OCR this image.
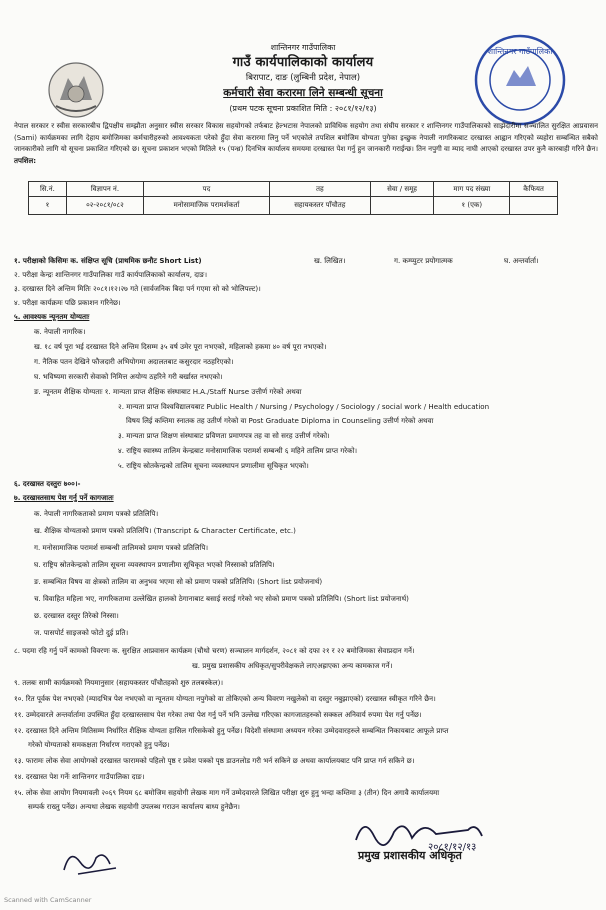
शान्तिनगर गाउँपालिका
शान्तिनगर गाउँपालिका
गाउँ कार्यपालिकाको कार्यालय
बिरापाट, दाङ (लुम्बिनी प्रदेश, नेपाल)
कर्मचारी सेवा करारमा लिने सम्बन्धी सूचना
(प्रथम पटक सूचना प्रकाशित मिति : २०८१/१२/१३)
नेपाल सरकार र स्वीस सरकारबीच द्विपक्षीय सम्झौता अनुसार स्वीस सरकार विकास सहयोगको तर्फबाट हेल्भटास नेपालको प्राविधिक सहयोग तथा संघीय सरकार र शान्तिनगर गाउँपालिकाको साझेदारीमा सञ्चालित सुरक्षित आप्रवासन (Sami) कार्यक्रमका लागि देहाय बमोजिमका कर्मचारीहरुको आवश्यकता परेको हुँदा सेवा करारमा लिनु पर्ने भएकोले तपशिल बमोजिम योग्यता पुगेका इच्छुक नेपाली नागरिकबाट दरखास्त आह्वान गरिएको व्यहोरा सम्बन्धित सबैको जानकारीको लागि यो सूचना प्रकाशित गरिएको छ। सूचना प्रकाशन भएको मितिले १५ (पन्ध्र) दिनभित्र कार्यालय समयमा दरखास्त पेश गर्नु हुन जानकारी गराईन्छ। तिन नपुगी वा म्याद नाघी आएको दरखास्त उपर कुनै कारबाही गरिने छैन। तपशिल:
सि.नं.	विज्ञापन नं.	पद	तह	सेवा / समूह	माग पद संख्या	कैफियत
१	०२-२०८१/०८२	मनोसामाजिक परामर्शकर्ता	सहायकस्तर पाँचौतह		१ (एक)	
१. परीक्षाको किसिमः क. संक्षिप्त सूचि (प्राथमिक छनौट Short List)	ख. लिखित।	ग. कम्प्युटर प्रयोगात्मक	घ. अन्तर्वार्ता।
२. परीक्षा केन्द्रः शान्तिनगर गाउँपालिका गाउँ कार्यपालिकाको कार्यालय, दाङ।
३. दरखास्त दिने अन्तिम मितिः २०८१।१२।२७ गते (सार्वजनिक बिदा पर्न गएमा सो को भोलिपल्ट)।
४. परीक्षा कार्यक्रमः पछि प्रकाशन गरिनेछ।
५. आवश्यक न्यूनतम योग्यताः
क. नेपाली नागरिक।
ख. १८ वर्ष पूरा भई दरखास्त दिने अन्तिम दिसम्म ३५ वर्ष उमेर पूरा नभएको, महिलाको हकमा ४० वर्ष पूरा नभएको।
ग. नैतिक पतन देखिने फौजदारी अभियोगमा अदालतबाट कसुरदार नठहरिएको।
घ. भविष्यमा सरकारी सेवाको निमित्त अयोग्य ठहरिने गरी बर्खास्त नभएको।
ङ. न्यूनतम शैक्षिक योग्यताः १. मान्यता प्राप्त शैक्षिक संस्थाबाट H.A./Staff Nurse उत्तीर्ण गरेको अथवा
२. मान्यता प्राप्त विश्वविद्यालयबाट Public Health / Nursing / Psychology / Sociology / social work / Health education
विषय लिई कम्तिमा स्नातक तह उतीर्ण गरेको वा Post Graduate Diploma in Counseling उत्तीर्ण गरेको अथवा
३. मान्यता प्राप्त शिक्षण संस्थाबाट प्रविणता प्रमाणपत्र तह वा सो सरह उत्तीर्ण गरेको।
४. राष्ट्रिय स्वास्थ्य तालिम केन्द्रबाट मनोसामाजिक परामर्श सम्बन्धी ६ महिने तालिम प्राप्त गरेको।
५. राष्ट्रिय स्रोतकेन्द्रको तालिम सूचना व्यवस्थापन प्रणालीमा सूचिकृत भएको।
६. दरखास्त दस्तुरः ७००।-
७. दरखास्तसाथ पेश गर्नु पर्ने कागजातः
क. नेपाली नागरिकताको प्रमाण पत्रको प्रतिलिपि।
ख. शैक्षिक योग्यताको प्रमाण पत्रको प्रतिलिपि। (Transcript & Character Certificate, etc.)
ग. मनोसामाजिक परामर्श सम्बन्धी तालिमको प्रमाण पत्रको प्रतिलिपि।
घ. राष्ट्रिय स्रोतकेन्द्रको तालिम सूचना व्यवस्थापन प्रणालीमा सूचिकृत भएको निस्साको प्रतिलिपि।
ङ. सम्बन्धित विषय वा क्षेत्रको तालिम वा अनुभव भएमा सो को प्रमाण पत्रको प्रतिलिपि। (Short list प्रयोजनार्थ)
च. विवाहित महिला भए, नागरिकतामा उल्लेखित हालको ठेगानाबाट बसाई सराई गरेको भए सोको प्रमाण पत्रको प्रतिलिपि। (Short list प्रयोजनार्थ)
छ. दरखास्त दस्तुर तिरेको निस्सा।
ज. पासपोर्ट साइजको फोटो दुई प्रति।
८. पदमा रहि गर्नु पर्ने कामको विवरणः क. सुरक्षित आप्रवासन कार्यक्रम (चौथो चरण) सञ्चालन मार्गदर्शन, २०८१ को दफा २१ र २२ बमोजिमका सेवाप्रदान गर्ने।
ख. प्रमुख प्रशासकीय अधिकृत/सुपरीवेक्षकले लाएअह्राएका अन्य कामकाज गर्ने।
९. तलबः सामी कार्यक्रमको नियमानुसार (सहायकस्तर पाँचौतहको शुरु तलबस्केल)।
१०. रित पूर्वक पेश नभएको (म्यादभित्र पेश नभएको वा न्यूनतम योग्यता नपुगेको वा तोकिएको अन्य विवरण नखुलेको वा दस्तुर नबुझाएको) दरखास्त स्वीकृत गरिने छैन।
११. उम्मेदवारले अन्तर्वार्तामा उपस्थित हुँदा दरखास्तसाथ पेश गरेका तथा पेश गर्नु पर्ने भनि उल्लेख गरिएका कागजातहरुको सक्कल अनिवार्य रुपमा पेश गर्नु पर्नेछ।
१२. दरखास्त दिने अन्तिम मितिसम्म निर्धारित शैक्षिक योग्यता हासिल गरिसकेको हुनु पर्नेछ। विदेशी संस्थामा अध्ययन गरेका उम्मेदवारहरुले सम्बन्धित निकायबाट आफूले प्राप्त
गरेको योग्यताको समकक्षता निर्धारण गराएको हुनु पर्नेछ।
१३. फारामः लोक सेवा आयोगको दरखास्त फारामको पहिलो पृष्ठ र प्रवेश पत्रको पृष्ठ डाउनलोड गरी भर्न सकिने छ अथवा कार्यालयबाट पनि प्राप्त गर्न सकिने छ।
१४. दरखास्त पेश गर्नेः शान्तिनगर गाउँपालिका दाङ।
१५. लोक सेवा आयोग नियमावली २०६९ नियम ६८ बमोजिम सहयोगी लेखक माग गर्ने उम्मेदवारले लिखित परीक्षा शुरु हुनु भन्दा कम्तिमा ३ (तीन) दिन अगावै कार्यालयमा
सम्पर्क राख्नु पर्नेछ। अन्यथा लेखक सहयोगी उपलब्ध गराउन कार्यालय बाध्य हुनेछैन।
२०८१/१२/१३
प्रमुख प्रशासकीय अधिकृत
Scanned with CamScanner
